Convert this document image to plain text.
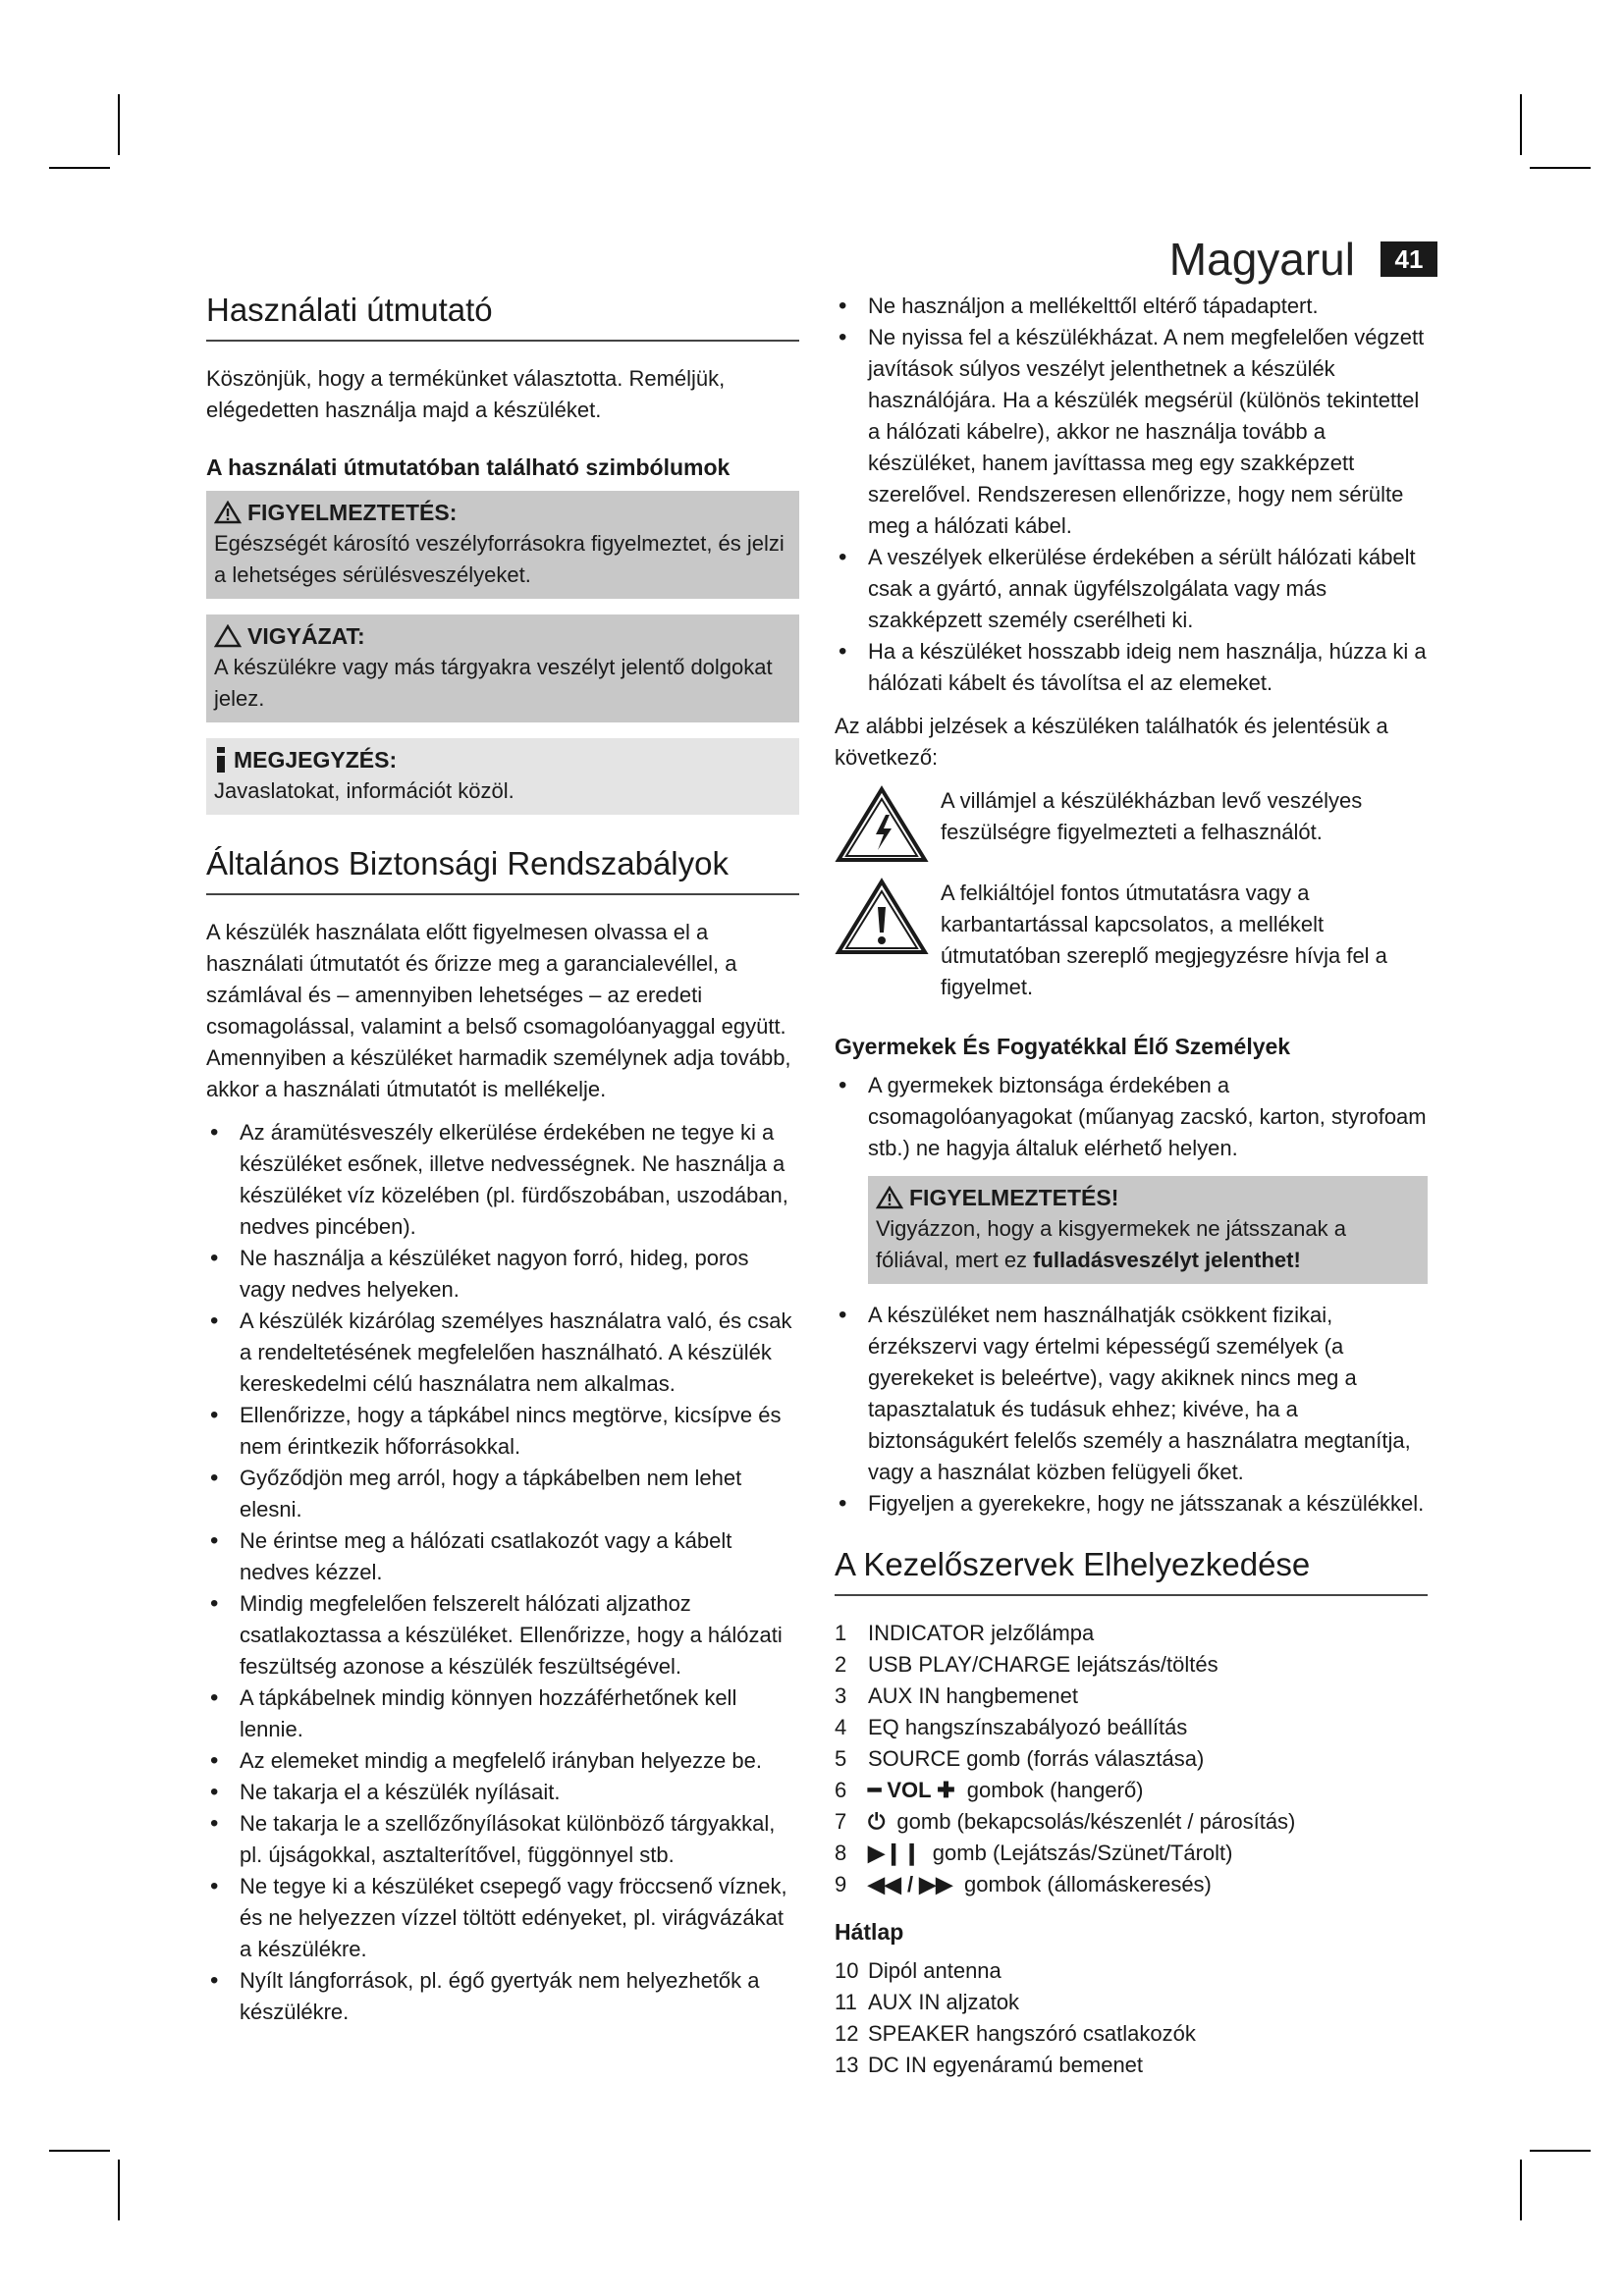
Magyarul	41
Használati útmutató

Köszönjük, hogy a termékünket választotta. Reméljük, elégedetten használja majd a készüléket.

A használati útmutatóban található szimbólumok
FIGYELMEZTETÉS:
Egészségét károsító veszélyforrásokra figyelmeztet, és jelzi a lehetséges sérülésveszélyeket.
VIGYÁZAT:
A készülékre vagy más tárgyakra veszélyt jelentő dolgokat jelez.
MEGJEGYZÉS:
Javaslatokat, információt közöl.
Általános Biztonsági Rendszabályok

A készülék használata előtt figyelmesen olvassa el a használati útmutatót és őrizze meg a garancialevéllel, a számlával és – amennyiben lehetséges – az eredeti csomagolással, valamint a belső csomagolóanyaggal együtt. Amennyiben a készüléket harmadik személynek adja tovább, akkor a használati útmutatót is mellékelje.

• Az áramütésveszély elkerülése érdekében ne tegye ki a készüléket esőnek, illetve nedvességnek. Ne használja a készüléket víz közelében (pl. fürdőszobában, uszodában, nedves pincében).
• Ne használja a készüléket nagyon forró, hideg, poros vagy nedves helyeken.
• A készülék kizárólag személyes használatra való, és csak a rendeltetésének megfelelően használható. A készülék kereskedelmi célú használatra nem alkalmas.
• Ellenőrizze, hogy a tápkábel nincs megtörve, kicsípve és nem érintkezik hőforrásokkal.
• Győződjön meg arról, hogy a tápkábelben nem lehet elesni.
• Ne érintse meg a hálózati csatlakozót vagy a kábelt nedves kézzel.
• Mindig megfelelően felszerelt hálózati aljzathoz csatlakoztassa a készüléket. Ellenőrizze, hogy a hálózati feszültség azonose a készülék feszültségével.
• A tápkábelnek mindig könnyen hozzáférhetőnek kell lennie.
• Az elemeket mindig a megfelelő irányban helyezze be.
• Ne takarja el a készülék nyílásait.
• Ne takarja le a szellőzőnyílásokat különböző tárgyakkal, pl. újságokkal, asztalterítővel, függönnyel stb.
• Ne tegye ki a készüléket csepegő vagy fröccsenő víznek, és ne helyezzen vízzel töltött edényeket, pl. virágvázákat a készülékre.
• Nyílt lángforrások, pl. égő gyertyák nem helyezhetők a készülékre.
• Ne használjon a mellékelttől eltérő tápadaptert.
• Ne nyissa fel a készülékházat. A nem megfelelően végzett javítások súlyos veszélyt jelenthetnek a készülék használójára. Ha a készülék megsérül (különös tekintettel a hálózati kábelre), akkor ne használja tovább a készüléket, hanem javíttassa meg egy szakképzett szerelővel. Rendszeresen ellenőrizze, hogy nem sérülte meg a hálózati kábel.
• A veszélyek elkerülése érdekében a sérült hálózati kábelt csak a gyártó, annak ügyfélszolgálata vagy más szakképzett személy cserélheti ki.
• Ha a készüléket hosszabb ideig nem használja, húzza ki a hálózati kábelt és távolítsa el az elemeket.

Az alábbi jelzések a készüléken találhatók és jelentésük a következő:

A villámjel a készülékházban levő veszélyes feszülségre figyelmezteti a felhasználót.
A felkiáltójel fontos útmutatásra vagy a karbantartással kapcsolatos, a mellékelt útmutatóban szereplő megjegyzésre hívja fel a figyelmet.
Gyermekek És Fogyatékkal Élő Személyek
• A gyermekek biztonsága érdekében a csomagolóanyagokat (műanyag zacskó, karton, styrofoam stb.) ne hagyja általuk elérhető helyen.
FIGYELMEZTETÉS!
Vigyázzon, hogy a kisgyermekek ne játsszanak a fóliával, mert ez fulladásveszélyt jelenthet!
• A készüléket nem használhatják csökkent fizikai, érzékszervi vagy értelmi képességű személyek (a gyerekeket is beleértve), vagy akiknek nincs meg a tapasztalatuk és tudásuk ehhez; kivéve, ha a biztonságukért felelős személy a használatra megtanítja, vagy a használat közben felügyeli őket.
• Figyeljen a gyerekekre, hogy ne játsszanak a készülékkel.
A Kezelőszervek Elhelyezkedése
1 INDICATOR jelzőlámpa
2 USB PLAY/CHARGE lejátszás/töltés
3 AUX IN hangbemenet
4 EQ hangszínszabályozó beállítás
5 SOURCE gomb (forrás választása)
6 ━ VOL ✚ gombok (hangerő)
7 ⏻ gomb (bekapcsolás/készenlét / párosítás)
8 ▶❙❙ gomb (Lejátszás/Szünet/Tárolt)
9 ◀◀ / ▶▶ gombok (állomáskeresés)
Hátlap
10 Dipól antenna
11 AUX IN aljzatok
12 SPEAKER hangszóró csatlakozók
13 DC IN egyenáramú bemenet
